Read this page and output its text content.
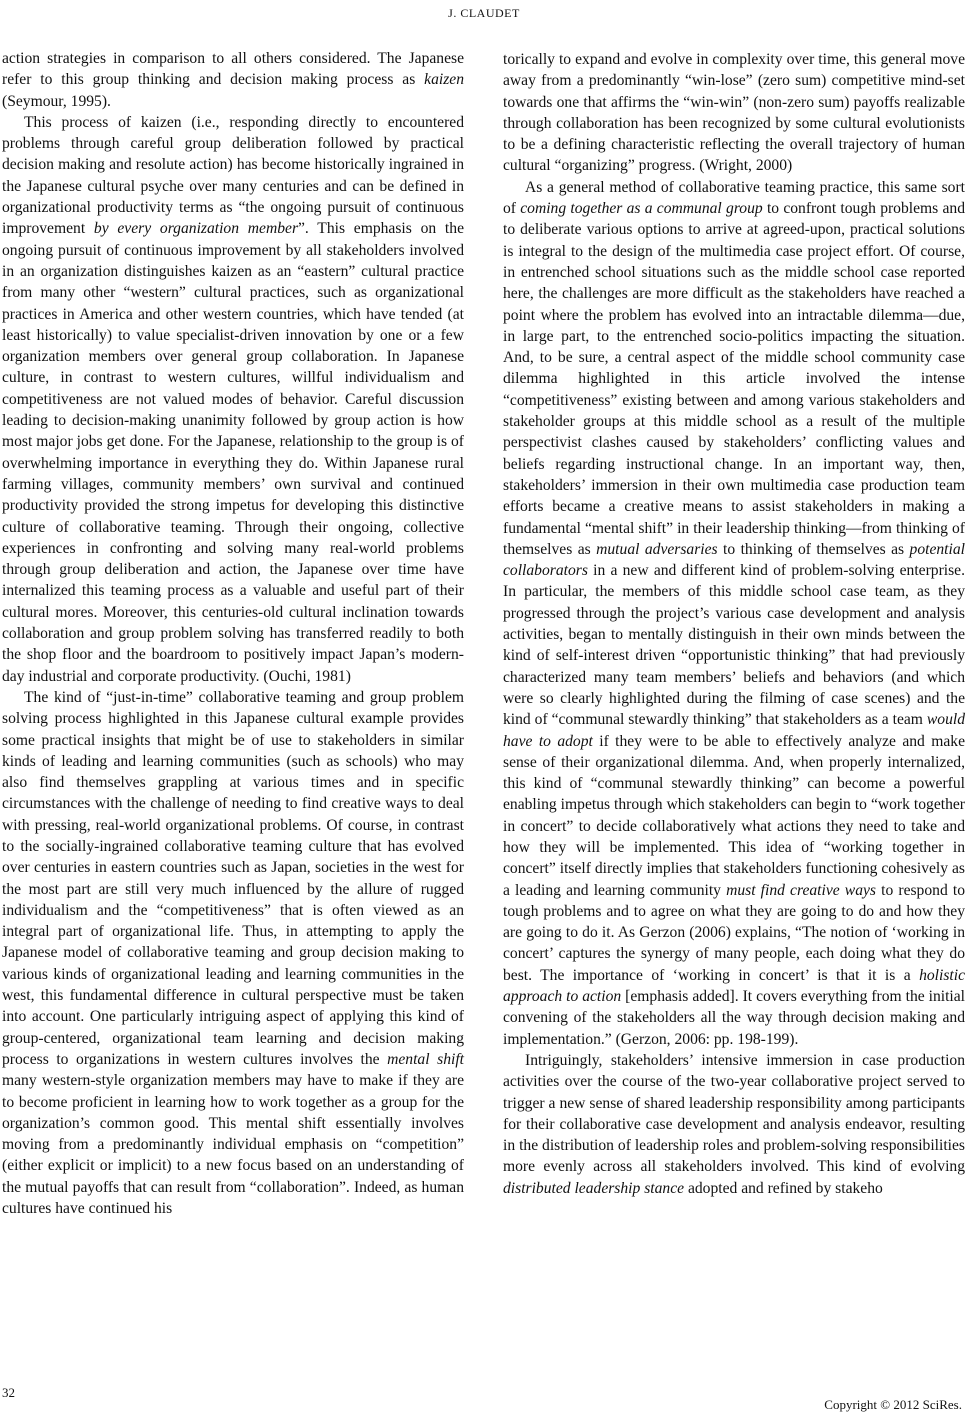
J. CLAUDET

action strategies in comparison to all others considered. The Japanese refer to this group thinking and decision making process as kaizen (Seymour, 1995).

This process of kaizen (i.e., responding directly to encountered problems through careful group deliberation followed by practical decision making and resolute action) has become historically ingrained in the Japanese cultural psyche over many centuries and can be defined in organizational productivity terms as “the ongoing pursuit of continuous improvement by every organization member”. This emphasis on the ongoing pursuit of continuous improvement by all stakeholders involved in an organization distinguishes kaizen as an “eastern” cultural practice from many other “western” cultural practices, such as organizational practices in America and other western countries, which have tended (at least historically) to value specialist-driven innovation by one or a few organization members over general group collaboration. In Japanese culture, in contrast to western cultures, willful individualism and competitiveness are not valued modes of behavior. Careful discussion leading to decision-making unanimity followed by group action is how most major jobs get done. For the Japanese, relationship to the group is of overwhelming importance in everything they do. Within Japanese rural farming villages, community members’ own survival and continued productivity provided the strong impetus for developing this distinctive culture of collaborative teaming. Through their ongoing, collective experiences in confronting and solving many real-world problems through group deliberation and action, the Japanese over time have internalized this teaming process as a valuable and useful part of their cultural mores. Moreover, this centuries-old cultural inclination towards collaboration and group problem solving has transferred readily to both the shop floor and the boardroom to positively impact Japan’s modern-day industrial and corporate productivity. (Ouchi, 1981)

The kind of “just-in-time” collaborative teaming and group problem solving process highlighted in this Japanese cultural example provides some practical insights that might be of use to stakeholders in similar kinds of leading and learning communities (such as schools) who may also find themselves grappling at various times and in specific circumstances with the challenge of needing to find creative ways to deal with pressing, real-world organizational problems. Of course, in contrast to the socially-ingrained collaborative teaming culture that has evolved over centuries in eastern countries such as Japan, societies in the west for the most part are still very much influenced by the allure of rugged individualism and the “competitiveness” that is often viewed as an integral part of organizational life. Thus, in attempting to apply the Japanese model of collaborative teaming and group decision making to various kinds of organizational leading and learning communities in the west, this fundamental difference in cultural perspective must be taken into account. One particularly intriguing aspect of applying this kind of group-centered, organizational team learning and decision making process to organizations in western cultures involves the mental shift many western-style organization members may have to make if they are to become proficient in learning how to work together as a group for the organization’s common good. This mental shift essentially involves moving from a predominantly individual emphasis on “competition” (either explicit or implicit) to a new focus based on an understanding of the mutual payoffs that can result from “collaboration”. Indeed, as human cultures have continued his

torically to expand and evolve in complexity over time, this general move away from a predominantly “win-lose” (zero sum) competitive mind-set towards one that affirms the “win-win” (non-zero sum) payoffs realizable through collaboration has been recognized by some cultural evolutionists to be a defining characteristic reflecting the overall trajectory of human cultural “organizing” progress. (Wright, 2000)

As a general method of collaborative teaming practice, this same sort of coming together as a communal group to confront tough problems and to deliberate various options to arrive at agreed-upon, practical solutions is integral to the design of the multimedia case project effort. Of course, in entrenched school situations such as the middle school case reported here, the challenges are more difficult as the stakeholders have reached a point where the problem has evolved into an intractable dilemma—due, in large part, to the entrenched socio-politics impacting the situation. And, to be sure, a central aspect of the middle school community case dilemma highlighted in this article involved the intense “competitiveness” existing between and among various stakeholders and stakeholder groups at this middle school as a result of the multiple perspectivist clashes caused by stakeholders’ conflicting values and beliefs regarding instructional change. In an important way, then, stakeholders’ immersion in their own multimedia case production team efforts became a creative means to assist stakeholders in making a fundamental “mental shift” in their leadership thinking—from thinking of themselves as mutual adversaries to thinking of themselves as potential collaborators in a new and different kind of problem-solving enterprise. In particular, the members of this middle school case team, as they progressed through the project’s various case development and analysis activities, began to mentally distinguish in their own minds between the kind of self-interest driven “opportunistic thinking” that had previously characterized many team members’ beliefs and behaviors (and which were so clearly highlighted during the filming of case scenes) and the kind of “communal stewardly thinking” that stakeholders as a team would have to adopt if they were to be able to effectively analyze and make sense of their organizational dilemma. And, when properly internalized, this kind of “communal stewardly thinking” can become a powerful enabling impetus through which stakeholders can begin to “work together in concert” to decide collaboratively what actions they need to take and how they will be implemented. This idea of “working together in concert” itself directly implies that stakeholders functioning cohesively as a leading and learning community must find creative ways to respond to tough problems and to agree on what they are going to do and how they are going to do it. As Gerzon (2006) explains, “The notion of ‘working in concert’ captures the synergy of many people, each doing what they do best. The importance of ‘working in concert’ is that it is a holistic approach to action [emphasis added]. It covers everything from the initial convening of the stakeholders all the way through decision making and implementation.” (Gerzon, 2006: pp. 198-199).

Intriguingly, stakeholders’ intensive immersion in case production activities over the course of the two-year collaborative project served to trigger a new sense of shared leadership responsibility among participants for their collaborative case development and analysis endeavor, resulting in the distribution of leadership roles and problem-solving responsibilities more evenly across all stakeholders involved. This kind of evolving distributed leadership stance adopted and refined by stakeho

32
Copyright © 2012 SciRes.
